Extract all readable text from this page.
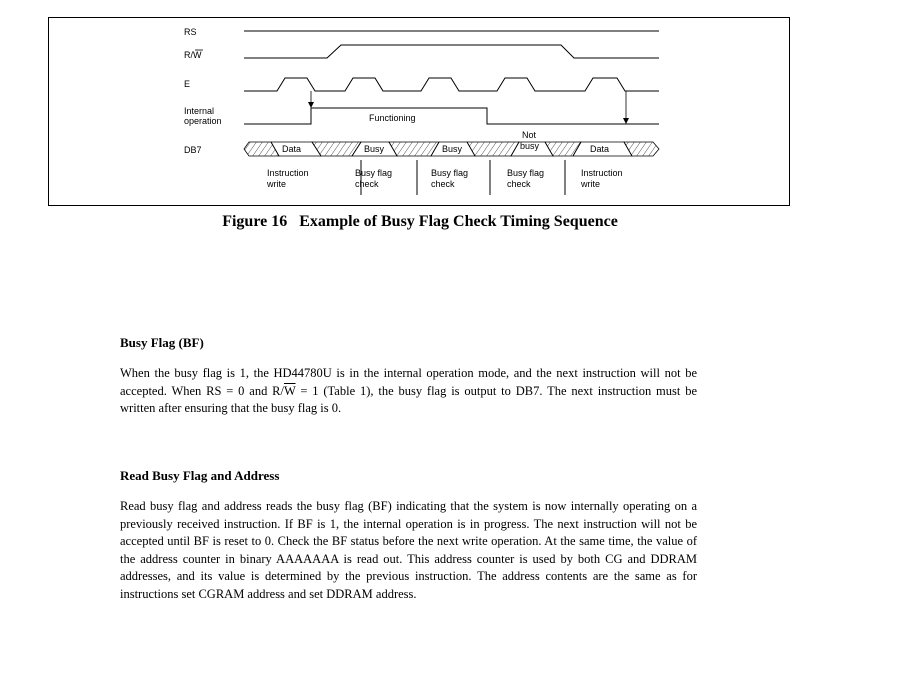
RS
R/W
E
Internal
operation
DB7
Functioning
Data	Busy	Busy
Not
busy	Data
Instruction
write
Busy flag
check
Busy flag
check
Busy flag
check
Instruction
write
Figure 16   Example of Busy Flag Check Timing Sequence
Busy Flag (BF)

When the busy flag is 1, the HD44780U is in the internal operation mode, and the next instruction will not be accepted. When RS = 0 and $R/\overline{W} = 1$ (Table 1), the busy flag is output to DB7. The next instruction must be written after ensuring that the busy flag is 0.

Read Busy Flag and Address

Read busy flag and address reads the busy flag (BF) indicating that the system is now internally operating on a previously received instruction. If BF is 1, the internal operation is in progress. The next instruction will not be accepted until BF is reset to 0. Check the BF status before the next write operation. At the same time, the value of the address counter in binary AAAAAAA is read out. This address counter is used by both CG and DDRAM addresses, and its value is determined by the previous instruction. The address contents are the same as for instructions set CGRAM address and set DDRAM address.
